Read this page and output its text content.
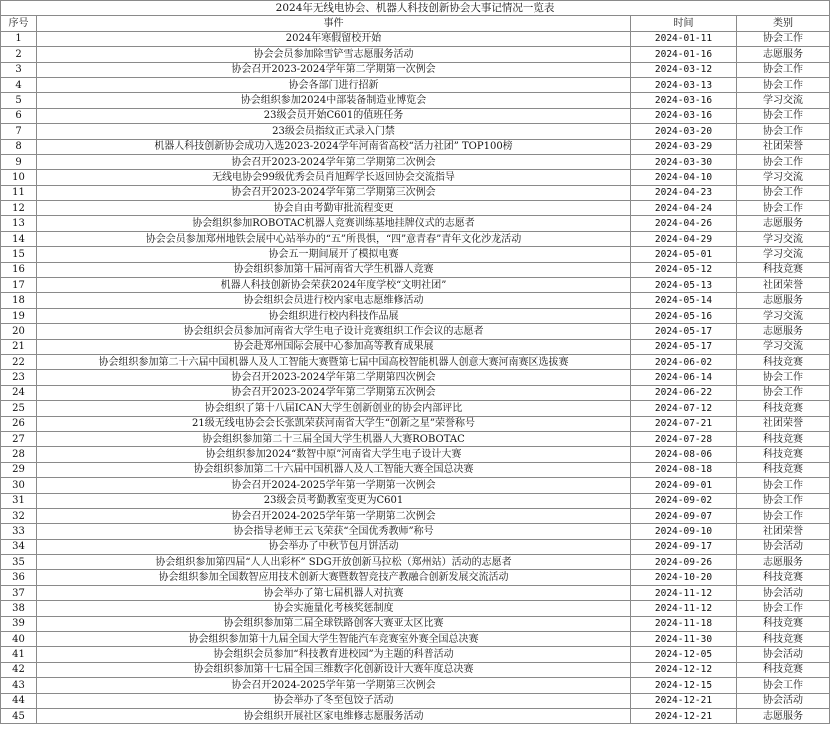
2024年无线电协会、机器人科技创新协会大事记情况一览表			
序号	事件	时间	类别
1	2024年寒假留校开始	2024-01-11	协会工作
2	协会会员参加除雪铲雪志愿服务活动	2024-01-16	志愿服务
3	协会召开2023-2024学年第二学期第一次例会	2024-03-12	协会工作
4	协会各部门进行招新	2024-03-13	协会工作
5	协会组织参加2024中部装备制造业博览会	2024-03-16	学习交流
6	23级会员开始C601的值班任务	2024-03-16	协会工作
7	23级会员指纹正式录入门禁	2024-03-20	协会工作
8	机器人科技创新协会成功入选2023-2024学年河南省高校“活力社团” TOP100榜	2024-03-29	社团荣誉
9	协会召开2023-2024学年第二学期第二次例会	2024-03-30	协会工作
10	无线电协会99级优秀会员肖旭辉学长返回协会交流指导	2024-04-10	学习交流
11	协会召开2023-2024学年第二学期第三次例会	2024-04-23	协会工作
12	协会自由考勤审批流程变更	2024-04-24	协会工作
13	协会组织参加ROBOTAC机器人竞赛训练基地挂牌仪式的志愿者	2024-04-26	志愿服务
14	协会会员参加郑州地铁会展中心站举办的“五”所畏惧，“四”意青春”青年文化沙龙活动	2024-04-29	学习交流
15	协会五一期间展开了模拟电赛	2024-05-01	学习交流
16	协会组织参加第十届河南省大学生机器人竞赛	2024-05-12	科技竞赛
17	机器人科技创新协会荣获2024年度学校“文明社团”	2024-05-13	社团荣誉
18	协会组织会员进行校内家电志愿维修活动	2024-05-14	志愿服务
19	协会组织进行校内科技作品展	2024-05-16	学习交流
20	协会组织会员参加河南省大学生电子设计竞赛组织工作会议的志愿者	2024-05-17	志愿服务
21	协会赴郑州国际会展中心参加高等教育成果展	2024-05-17	学习交流
22	协会组织参加第二十六届中国机器人及人工智能大赛暨第七届中国高校智能机器人创意大赛河南赛区选拔赛	2024-06-02	科技竞赛
23	协会召开2023-2024学年第二学期第四次例会	2024-06-14	协会工作
24	协会召开2023-2024学年第二学期第五次例会	2024-06-22	协会工作
25	协会组织了第十八届ICAN大学生创新创业的协会内部评比	2024-07-12	科技竞赛
26	21级无线电协会会长张凯荣获河南省大学生“创新之星”荣誉称号	2024-07-21	社团荣誉
27	协会组织参加第二十三届全国大学生机器人大赛ROBOTAC	2024-07-28	科技竞赛
28	协会组织参加2024“数智中原”河南省大学生电子设计大赛	2024-08-06	科技竞赛
29	协会组织参加第二十六届中国机器人及人工智能大赛全国总决赛	2024-08-18	科技竞赛
30	协会召开2024-2025学年第一学期第一次例会	2024-09-01	协会工作
31	23级会员考勤教室变更为C601	2024-09-02	协会工作
32	协会召开2024-2025学年第一学期第二次例会	2024-09-07	协会工作
33	协会指导老师王云飞荣获“全国优秀教师”称号	2024-09-10	社团荣誉
34	协会举办了中秋节包月饼活动	2024-09-17	协会活动
35	协会组织参加第四届“人人出彩杯” SDG开放创新马拉松（郑州站）活动的志愿者	2024-09-26	志愿服务
36	协会组织参加全国数智应用技术创新大赛暨数智竞技产教融合创新发展交流活动	2024-10-20	科技竞赛
37	协会举办了第七届机器人对抗赛	2024-11-12	协会活动
38	协会实施量化考核奖惩制度	2024-11-12	协会工作
39	协会组织参加第二届全球铁路创客大赛亚太区比赛	2024-11-18	科技竞赛
40	协会组织参加第十九届全国大学生智能汽车竞赛室外赛全国总决赛	2024-11-30	科技竞赛
41	协会组织会员参加“科技教育进校园”为主题的科普活动	2024-12-05	协会活动
42	协会组织参加第十七届全国三维数字化创新设计大赛年度总决赛	2024-12-12	科技竞赛
43	协会召开2024-2025学年第一学期第三次例会	2024-12-15	协会工作
44	协会举办了冬至包饺子活动	2024-12-21	协会活动
45	协会组织开展社区家电维修志愿服务活动	2024-12-21	志愿服务
